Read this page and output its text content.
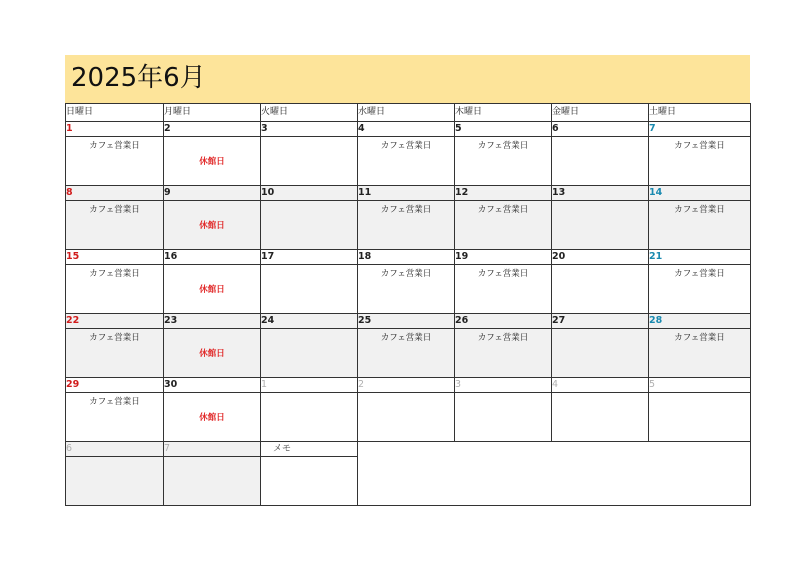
2025年6月
日曜日	月曜日	火曜日	水曜日	木曜日	金曜日	土曜日
1	2	3	4	5	6	7

カフェ営業日	休館日		カフェ営業日	カフェ営業日		カフェ営業日

8	9	10	11	12	13	14

カフェ営業日	休館日		カフェ営業日	カフェ営業日		カフェ営業日

15	16	17	18	19	20	21

カフェ営業日	休館日		カフェ営業日	カフェ営業日		カフェ営業日

22	23	24	25	26	27	28

カフェ営業日	休館日		カフェ営業日	カフェ営業日		カフェ営業日

29	30	1	2	3	4	5

カフェ営業日	休館日					

6	7	メモ				
